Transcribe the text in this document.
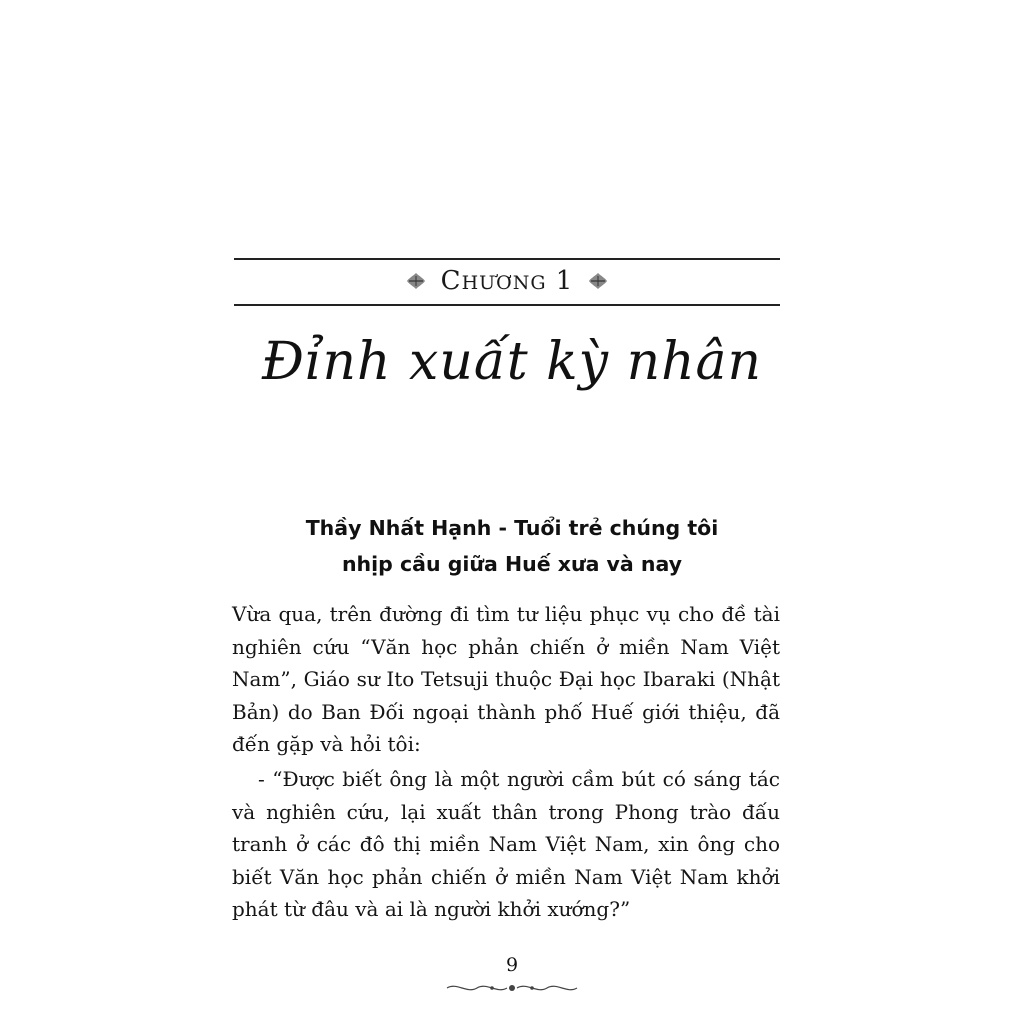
CHƯƠNG 1
Đỉnh xuất kỳ nhân
Thầy Nhất Hạnh - Tuổi trẻ chúng tôi
nhịp cầu giữa Huế xưa và nay

Vừa qua, trên đường đi tìm tư liệu phục vụ cho đề tài nghiên cứu “Văn học phản chiến ở miền Nam Việt Nam”, Giáo sư Ito Tetsuji thuộc Đại học Ibaraki (Nhật Bản) do Ban Đối ngoại thành phố Huế giới thiệu, đã đến gặp và hỏi tôi:

- “Được biết ông là một người cầm bút có sáng tác và nghiên cứu, lại xuất thân trong Phong trào đấu tranh ở các đô thị miền Nam Việt Nam, xin ông cho biết Văn học phản chiến ở miền Nam Việt Nam khởi phát từ đâu và ai là người khởi xướng?”

9
